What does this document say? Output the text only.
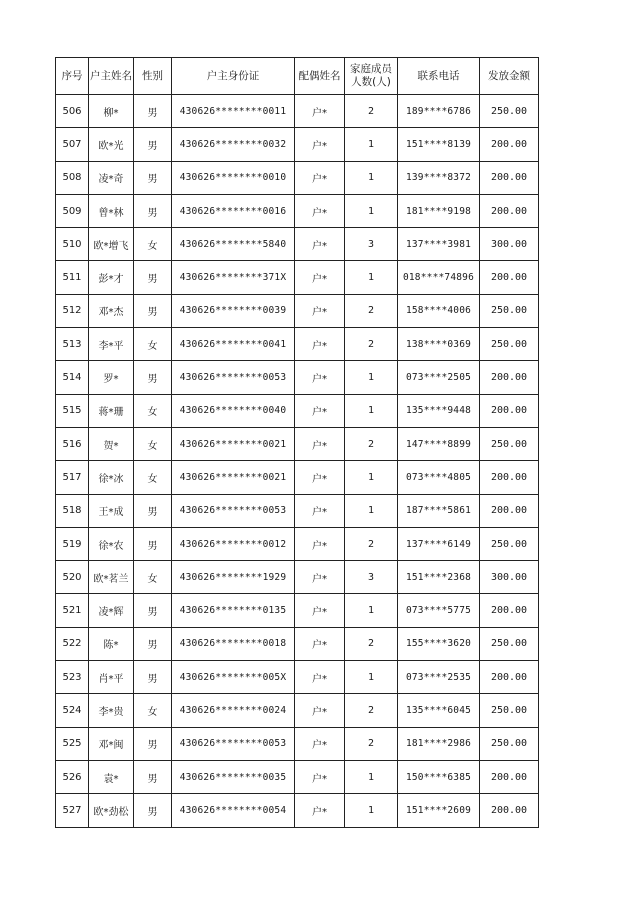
序号	户主姓名	性别	户主身份证	配偶姓名	家庭成员人数(人)	联系电话	发放金额
506	柳*	男	430626********0011	户*	2	189****6786	250.00
507	欧*光	男	430626********0032	户*	1	151****8139	200.00
508	凌*奇	男	430626********0010	户*	1	139****8372	200.00
509	曾*林	男	430626********0016	户*	1	181****9198	200.00
510	欧*增飞	女	430626********5840	户*	3	137****3981	300.00
511	彭*才	男	430626********371X	户*	1	018****74896	200.00
512	邓*杰	男	430626********0039	户*	2	158****4006	250.00
513	李*平	女	430626********0041	户*	2	138****0369	250.00
514	罗*	男	430626********0053	户*	1	073****2505	200.00
515	蒋*珊	女	430626********0040	户*	1	135****9448	200.00
516	贺*	女	430626********0021	户*	2	147****8899	250.00
517	徐*冰	女	430626********0021	户*	1	073****4805	200.00
518	王*成	男	430626********0053	户*	1	187****5861	200.00
519	徐*农	男	430626********0012	户*	2	137****6149	250.00
520	欧*茗兰	女	430626********1929	户*	3	151****2368	300.00
521	凌*辉	男	430626********0135	户*	1	073****5775	200.00
522	陈*	男	430626********0018	户*	2	155****3620	250.00
523	肖*平	男	430626********005X	户*	1	073****2535	200.00
524	李*贵	女	430626********0024	户*	2	135****6045	250.00
525	邓*闽	男	430626********0053	户*	2	181****2986	250.00
526	袁*	男	430626********0035	户*	1	150****6385	200.00
527	欧*劲松	男	430626********0054	户*	1	151****2609	200.00
